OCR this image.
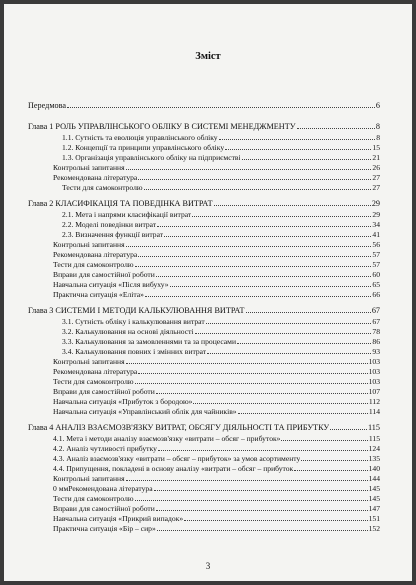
Зміст
Передмова	6
Глава 1 РОЛЬ УПРАВЛІНСЬКОГО ОБЛІКУ В СИСТЕМІ МЕНЕДЖМЕНТУ	8
1.1. Сутність та еволюція управлінського обліку	8
1.2. Концепції та принципи управлінського обліку	15
1.3. Організація управлінського обліку на підприємстві	21
Контрольні запитання	26
Рекомендована література	27
Тести для самоконтролю	27
Глава 2 КЛАСИФІКАЦІЯ ТА ПОВЕДІНКА ВИТРАТ	29
2.1. Мета і напрями класифікації витрат	29
2.2. Моделі поведінки витрат	34
2.3. Визначення функції витрат	41
Контрольні запитання	56
Рекомендована література	57
Тести для самоконтролю	57
Вправи для самостійної роботи	60
Навчальна ситуація «Після вибуху»	65
Практична ситуація «Еліта»	66
Глава 3 СИСТЕМИ І МЕТОДИ КАЛЬКУЛЮВАННЯ ВИТРАТ	67
3.1. Сутність обліку і калькулювання витрат	67
3.2. Калькулювання на основі діяльності	78
3.3. Калькулювання за замовленнями та за процесами	86
3.4. Калькулювання повних і змінних витрат	93
Контрольні запитання	103
Рекомендована література	103
Тести для самоконтролю	103
Вправи для самостійної роботи	107
Навчальна ситуація «Прибуток з бородою»	112
Навчальна ситуація «Управлінський облік для чайників»	114
Глава 4 АНАЛІЗ ВЗАЄМОЗВ'ЯЗКУ ВИТРАТ, ОБСЯГУ ДІЯЛЬНОСТІ ТА ПРИБУТКУ	115
4.1. Мета і методи аналізу взаємозв'язку «витрати – обсяг – прибуток»	115
4.2. Аналіз чутливості прибутку	124
4.3. Аналіз взаємозв'язку «витрати – обсяг – прибуток» за умов асортименту	135
4.4. Припущення, покладені в основу аналізу «витрати – обсяг – прибуток	140
Контрольні запитання	144
0 ммРекомендована література	145
Тести для самоконтролю	145
Вправи для самостійної роботи	147
Навчальна ситуація «Прикрий випадок»	151
Практична ситуація «Бір – сир»	152
3
